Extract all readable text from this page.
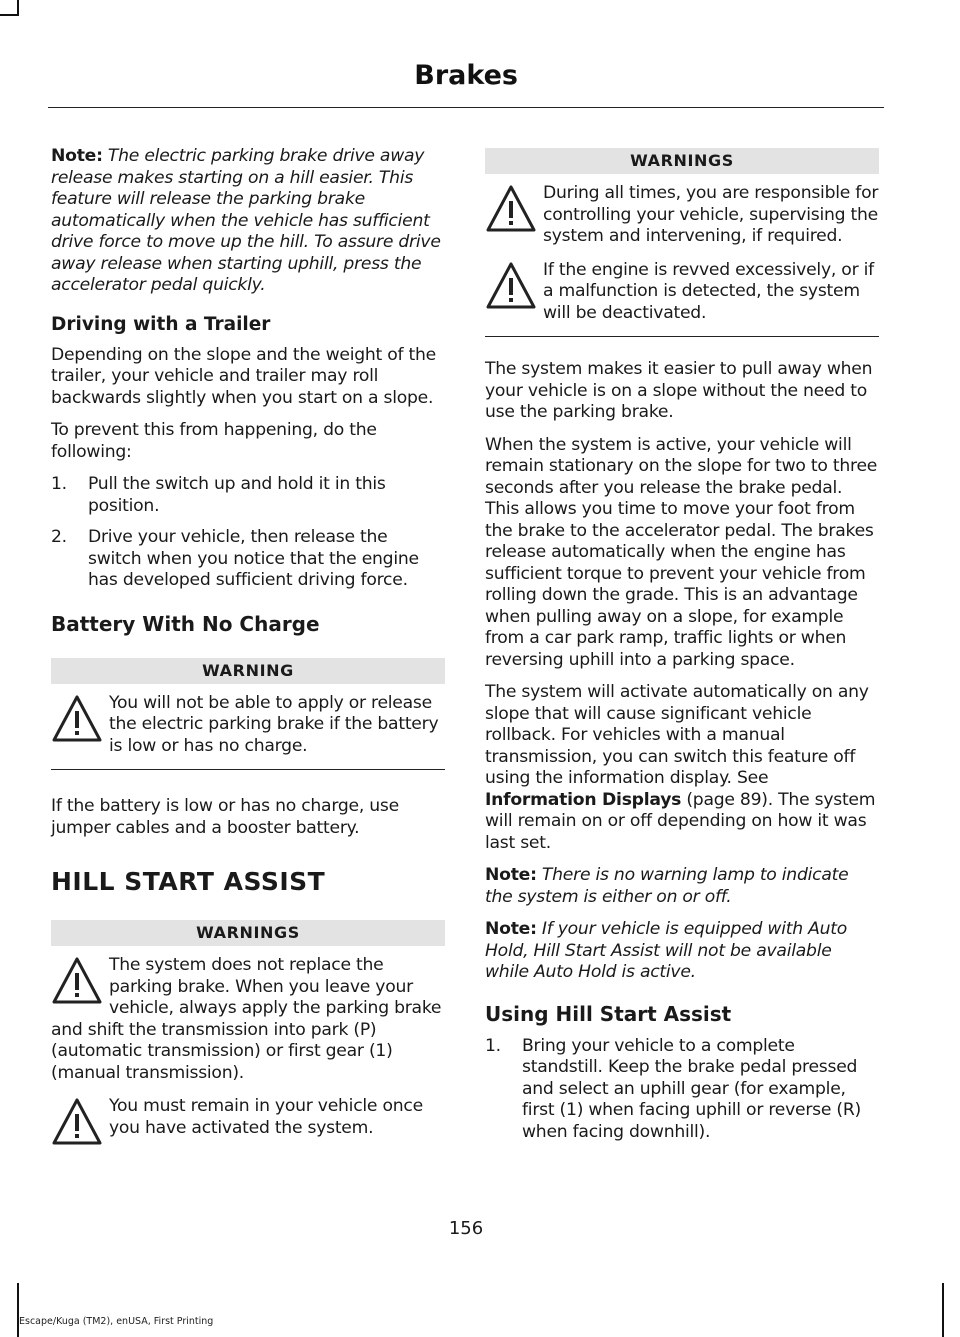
Brakes

Note: The electric parking brake drive away release makes starting on a hill easier. This feature will release the parking brake automatically when the vehicle has sufficient drive force to move up the hill. To assure drive away release when starting uphill, press the accelerator pedal quickly.

Driving with a Trailer

Depending on the slope and the weight of the trailer, your vehicle and trailer may roll backwards slightly when you start on a slope.

To prevent this from happening, do the following:

1. Pull the switch up and hold it in this position.
2. Drive your vehicle, then release the switch when you notice that the engine has developed sufficient driving force.
Battery With No Charge
WARNING
You will not be able to apply or release the electric parking brake if the battery is low or has no charge.

If the battery is low or has no charge, use jumper cables and a booster battery.

HILL START ASSIST
WARNINGS
The system does not replace the parking brake. When you leave your vehicle, always apply the parking brake and shift the transmission into park (P) (automatic transmission) or first gear (1) (manual transmission).
You must remain in your vehicle once you have activated the system.
WARNINGS
During all times, you are responsible for controlling your vehicle, supervising the system and intervening, if required.
If the engine is revved excessively, or if a malfunction is detected, the system will be deactivated.

The system makes it easier to pull away when your vehicle is on a slope without the need to use the parking brake.

When the system is active, your vehicle will remain stationary on the slope for two to three seconds after you release the brake pedal. This allows you time to move your foot from the brake to the accelerator pedal. The brakes release automatically when the engine has sufficient torque to prevent your vehicle from rolling down the grade. This is an advantage when pulling away on a slope, for example from a car park ramp, traffic lights or when reversing uphill into a parking space.

The system will activate automatically on any slope that will cause significant vehicle rollback. For vehicles with a manual transmission, you can switch this feature off using the information display. See Information Displays (page 89). The system will remain on or off depending on how it was last set.

Note: There is no warning lamp to indicate the system is either on or off.

Note: If your vehicle is equipped with Auto Hold, Hill Start Assist will not be available while Auto Hold is active.

Using Hill Start Assist
1. Bring your vehicle to a complete standstill. Keep the brake pedal pressed and select an uphill gear (for example, first (1) when facing uphill or reverse (R) when facing downhill).
156
Escape/Kuga (TM2), enUSA, First Printing
